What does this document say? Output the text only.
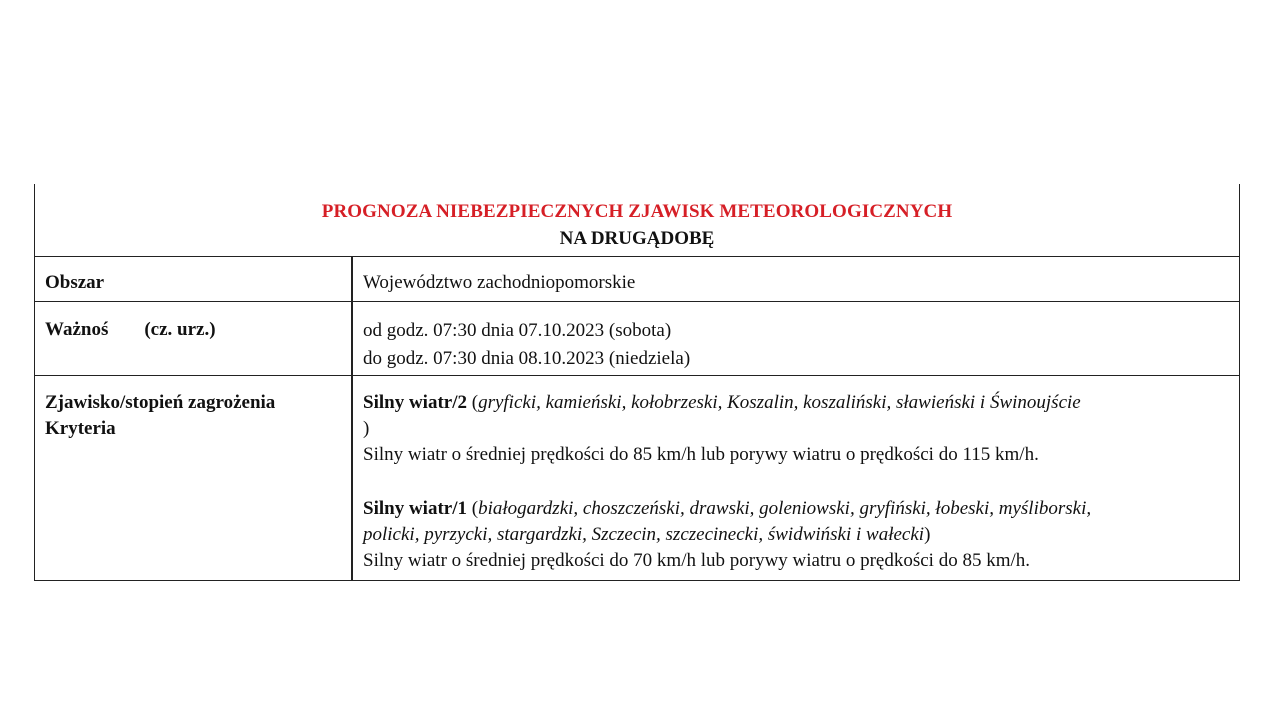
PROGNOZA NIEBEZPIECZNYCH ZJAWISK METEOROLOGICZNYCH
NA DRUGĄDOBĘ
Obszar	Województwo zachodniopomorskie
Ważnoś (cz. urz.)	od godz. 07:30 dnia 07.10.2023 (sobota)
do godz. 07:30 dnia 08.10.2023 (niedziela)
Zjawisko/stopień zagrożenia
Kryteria
Silny wiatr/2 (gryficki, kamieński, kołobrzeski, Koszalin, koszaliński, sławieński i Świnoujście
)
Silny wiatr o średniej prędkości do 85 km/h lub porywy wiatru o prędkości do 115 km/h.
Silny wiatr/1 (białogardzki, choszczeński, drawski, goleniowski, gryfiński, łobeski, myśliborski,
policki, pyrzycki, stargardzki, Szczecin, szczecinecki, świdwiński i wałecki)
Silny wiatr o średniej prędkości do 70 km/h lub porywy wiatru o prędkości do 85 km/h.
